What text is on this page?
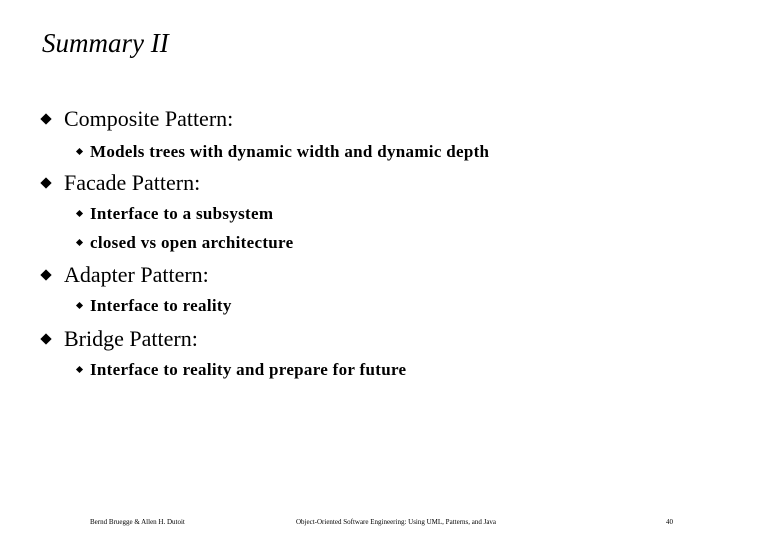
Summary II
Composite Pattern:
Models trees with dynamic width and dynamic depth
Facade Pattern:
Interface to a subsystem
closed vs open architecture
Adapter Pattern:
Interface to reality
Bridge Pattern:
Interface to reality and prepare for future
Bernd Bruegge & Allen H. Dutoit	Object-Oriented Software Engineering: Using UML, Patterns, and Java	40
